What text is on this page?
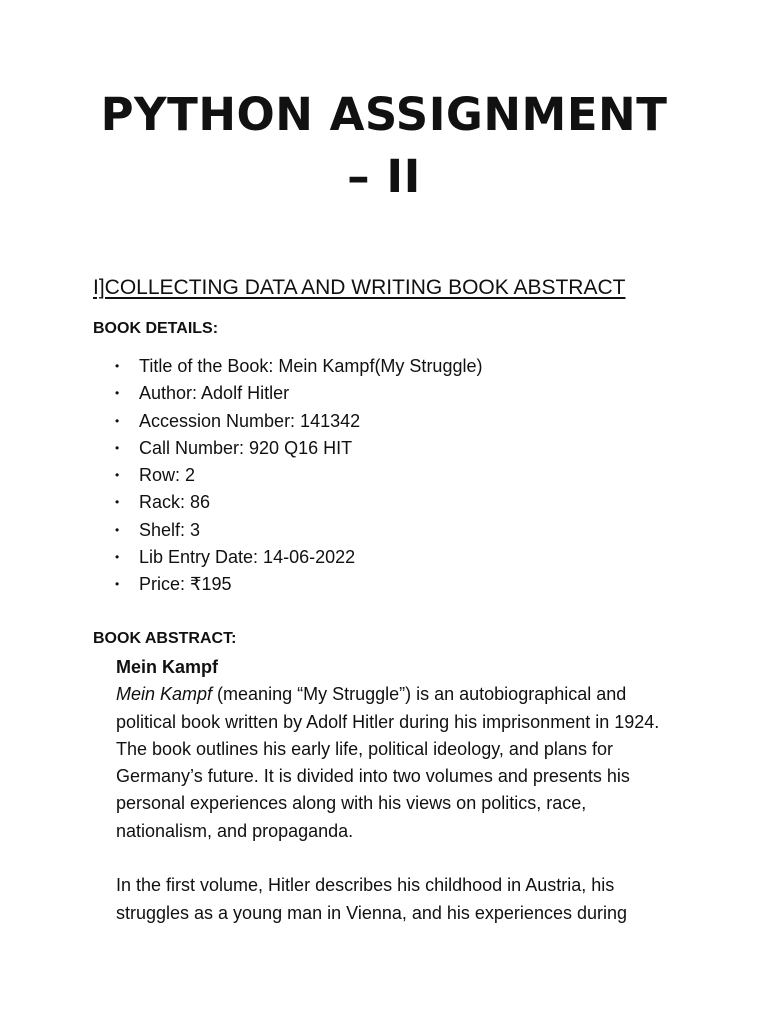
PYTHON ASSIGNMENT
– II
I]COLLECTING DATA AND WRITING BOOK ABSTRACT
BOOK DETAILS:
• Title of the Book: Mein Kampf(My Struggle)
• Author: Adolf Hitler
• Accession Number: 141342
• Call Number: 920 Q16 HIT
• Row: 2
• Rack: 86
• Shelf: 3
• Lib Entry Date: 14-06-2022
• Price: ₹195
BOOK ABSTRACT:
Mein Kampf

Mein Kampf (meaning “My Struggle”) is an autobiographical and political book written by Adolf Hitler during his imprisonment in 1924. The book outlines his early life, political ideology, and plans for Germany’s future. It is divided into two volumes and presents his personal experiences along with his views on politics, race, nationalism, and propaganda.

In the first volume, Hitler describes his childhood in Austria, his struggles as a young man in Vienna, and his experiences during
